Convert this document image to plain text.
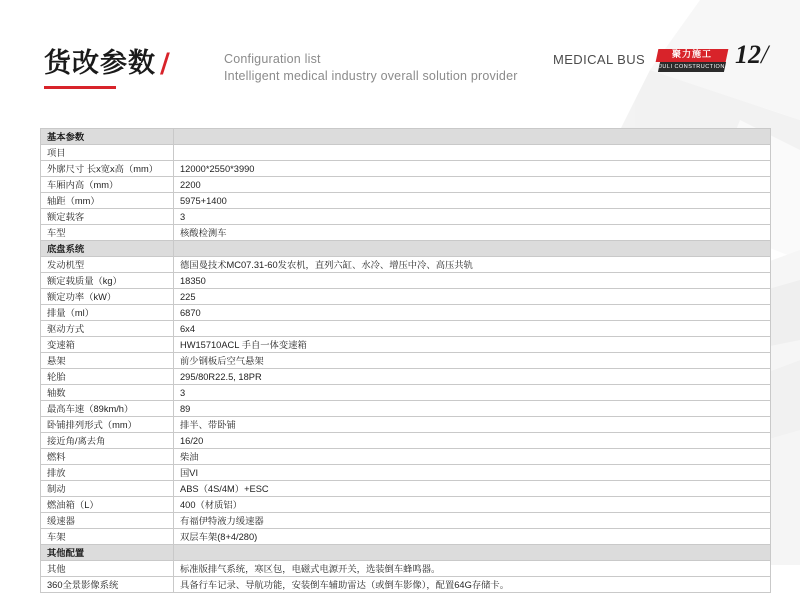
货改参数 /	Configuration list
Intelligent medical industry overall solution provider
MEDICAL BUS	聚力施工
JULI CONSTRUCTION 12/
基本参数	
项目	
外廓尺寸 长x宽x高（mm）	12000*2550*3990
车厢内高（mm）	2200
轴距（mm）	5975+1400
额定载客	3
车型	核酸检测车
底盘系统	
发动机型	德国曼技术MC07.31-60发农机，直列六缸、水冷、增压中冷、高压共轨
额定载质量（kg）	18350
额定功率（kW）	225
排量（ml）	6870
驱动方式	6x4
变速箱	HW15710ACL 手自一体变速箱
悬架	前少钢板后空气悬架
轮胎	295/80R22.5, 18PR
轴数	3
最高车速（89km/h）	89
卧铺排列形式（mm）	排半、带卧铺
接近角/离去角	16/20
燃料	柴油
排放	国VI
制动	ABS（4S/4M）+ESC
燃油箱（L）	400（材质铝）
缓速器	有福伊特液力缓速器
车架	双层车架(8+4/280)
其他配置	
其他	标准版排气系统，寒区包，电磁式电源开关，选装倒车蜂鸣器。
360全景影像系统	具备行车记录、导航功能，安装倒车辅助雷达（或倒车影像），配置64G存储卡。
